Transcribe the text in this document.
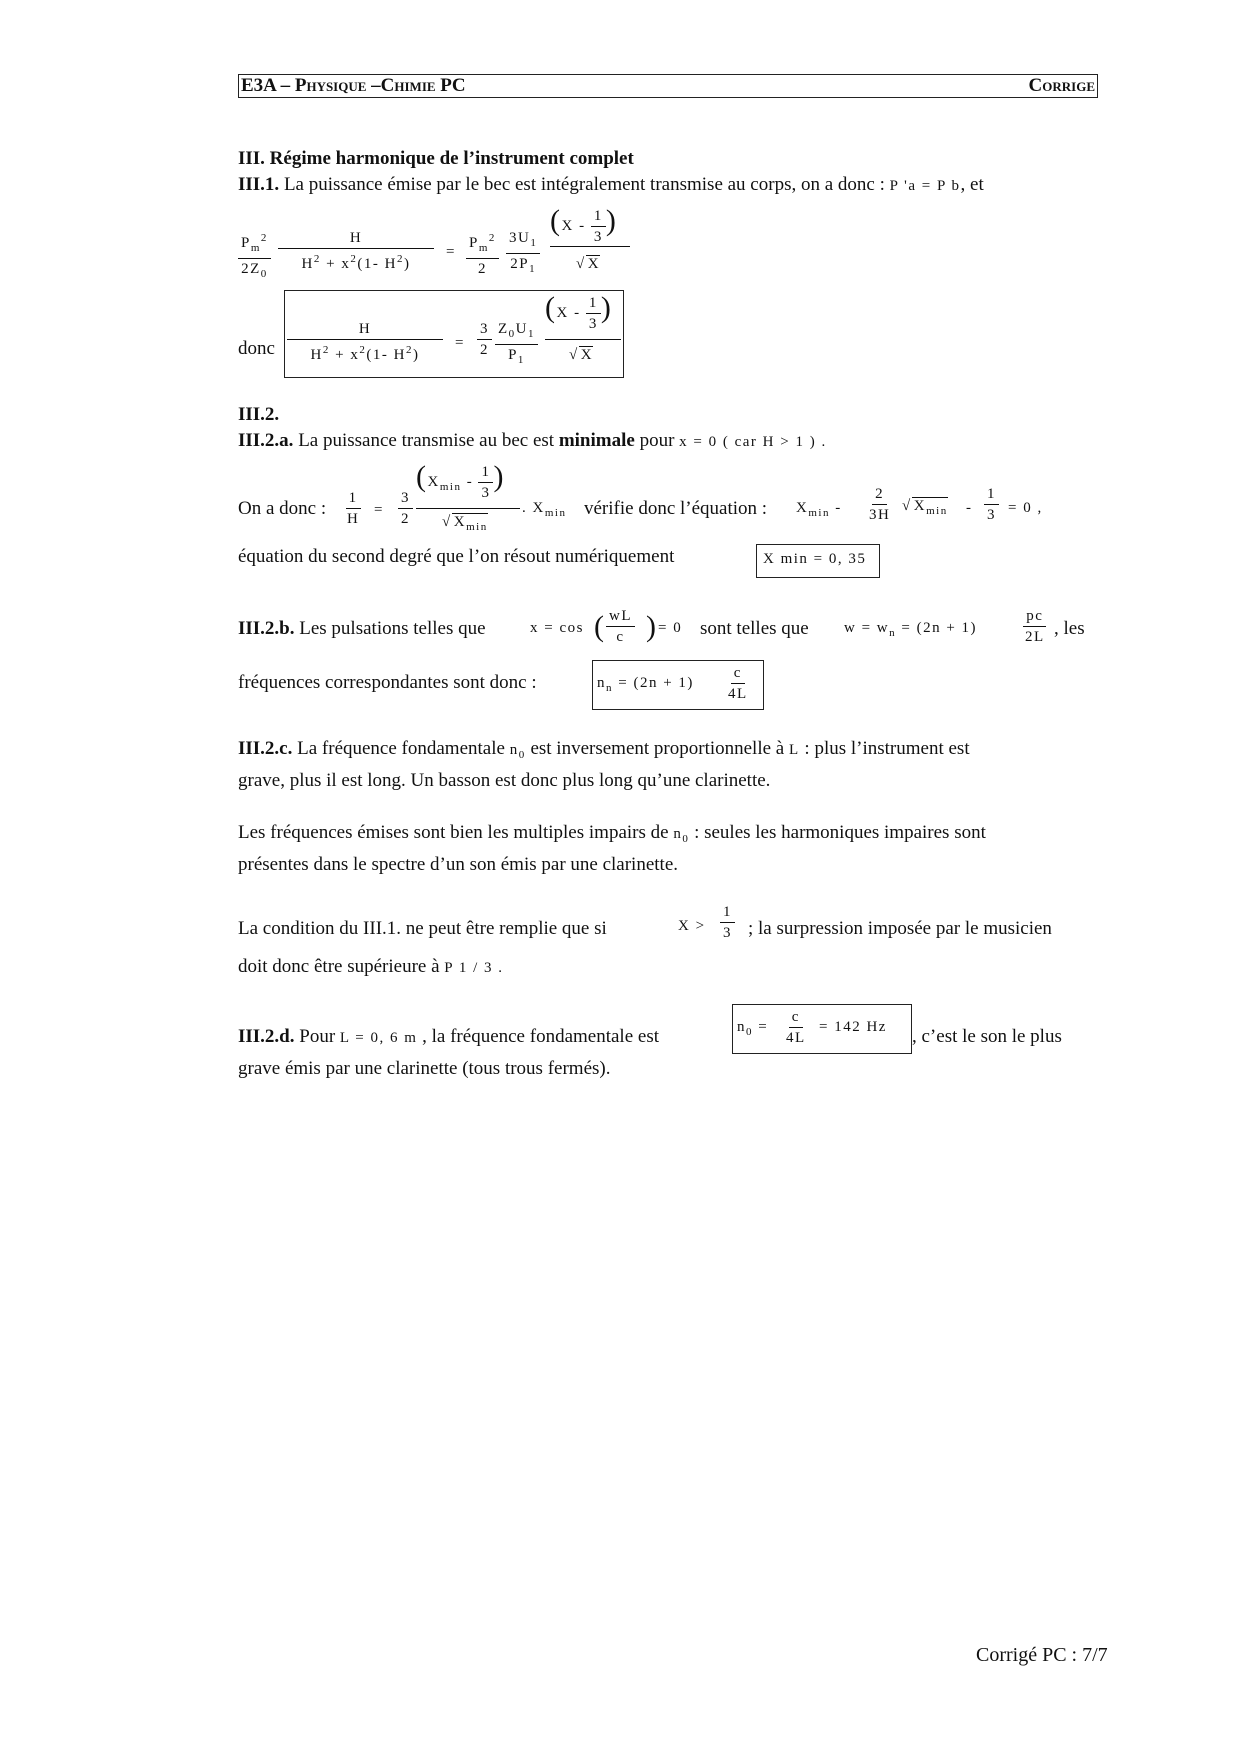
E3A – Physique –Chimie PC	Corrige
III. Régime harmonique de l’instrument complet
III.1. La puissance émise par le bec est intégralement transmise au corps, on a donc : P 'a = P b, et
$\frac{P_m^2}{2Z_0} \frac{H}{H^2 + x^2(1- H^2)} = \frac{P_m^2}{2} \frac{3U_1}{2P_1}$
($X - \frac{1}{3}$ )
√ X
donc $\frac{H}{H^2 + x^2(1- H^2)} = \frac{3}{2} \frac{Z_0U_1}{P_1}$
($X - \frac{1}{3}$ )
√ X
III.2.
III.2.a. La puissance transmise au bec est minimale pour x = 0 ( car H > 1 ) .
On a donc : $\frac{1}{H} = \frac{3}{2}$
($X_{min} - \frac{1}{3}$ )
√ $X_{min}$
. $X_{min}$ vérifie donc l’équation : $X_{min} - \frac{2}{3H}$ √ $X_{min} - \frac{1}{3} = 0$ ,
équation du second degré que l’on résout numériquement	X min = 0, 35
III.2.b. Les pulsations telles que	x = cos ( $\frac{wL}{c}$ ) = 0 sont telles que $w = w_n = (2n + 1)$	$\frac{pc}{2L}$ , les
fréquences correspondantes sont donc :	$n_n = (2n + 1) \frac{c}{4L}$
III.2.c. La fréquence fondamentale $n_0$ est inversement proportionnelle à L : plus l’instrument est
grave, plus il est long. Un basson est donc plus long qu’une clarinette.
Les fréquences émises sont bien les multiples impairs de $n_0$ : seules les harmoniques impaires sont
présentes dans le spectre d’un son émis par une clarinette.
La condition du III.1. ne peut être remplie que si	$X > \frac{1}{3}$ ; la surpression imposée par le musicien
doit donc être supérieure à P 1 / 3 .
III.2.d. Pour L = 0, 6 m , la fréquence fondamentale est	$n_0 = \frac{c}{4L} = 142$ Hz , c’est le son le plus
grave émis par une clarinette (tous trous fermés).
Corrigé PC : 7/7
